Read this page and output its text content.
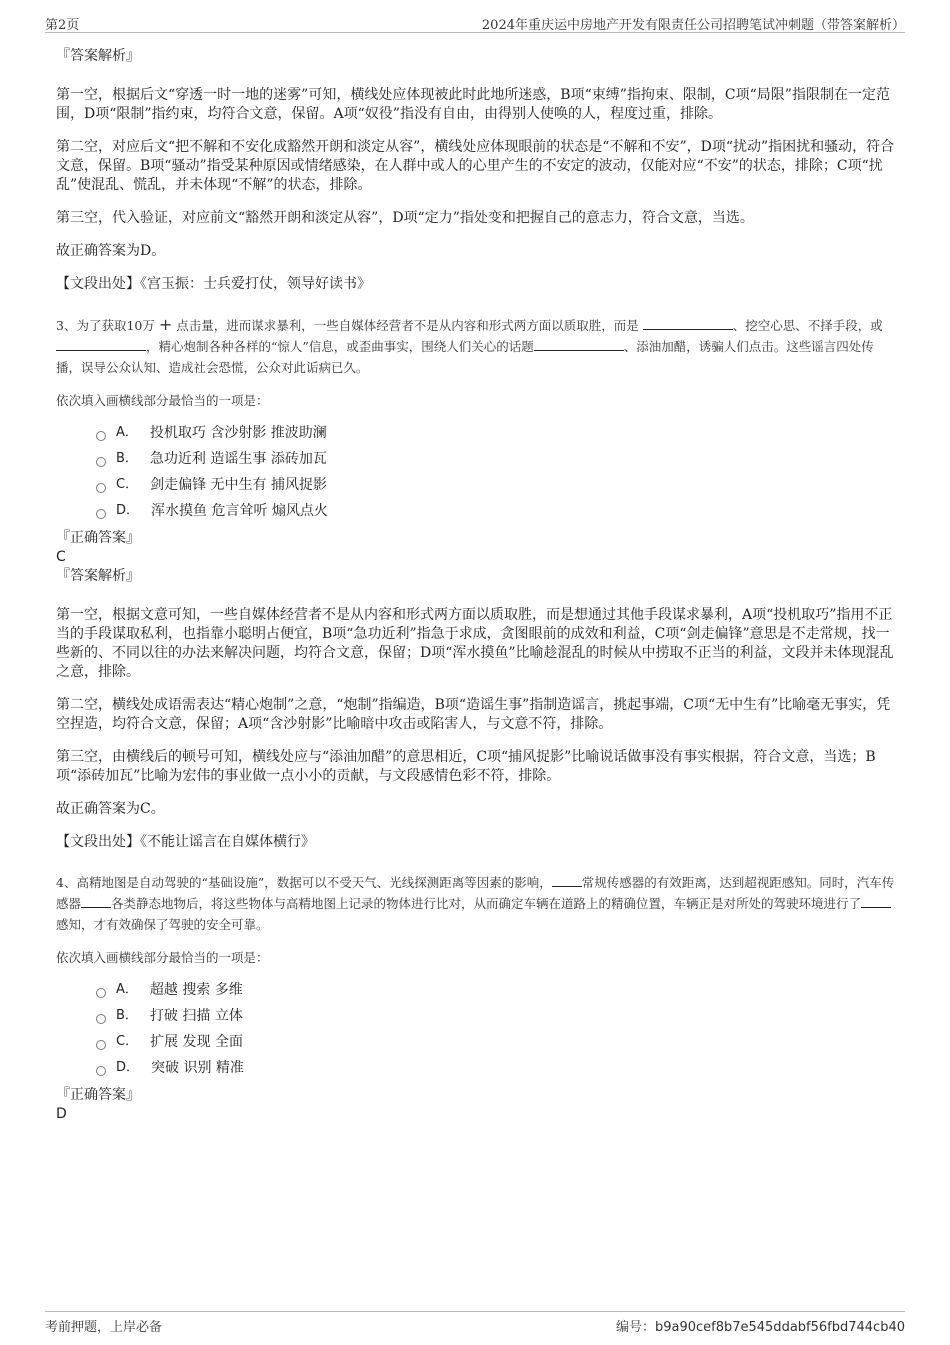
第2页	2024年重庆运中房地产开发有限责任公司招聘笔试冲刺题（带答案解析）

『答案解析』

第一空，根据后文“穿透一时一地的迷雾”可知，横线处应体现被此时此地所迷惑，B项“束缚”指拘束、限制，C项“局限”指限制在一定范围，D项“限制”指约束，均符合文意，保留。A项“奴役”指没有自由，由得别人使唤的人，程度过重，排除。

第二空，对应后文“把不解和不安化成豁然开朗和淡定从容”，横线处应体现眼前的状态是“不解和不安”，D项“扰动”指困扰和骚动，符合文意，保留。B项“骚动”指受某种原因或情绪感染，在人群中或人的心里产生的不安定的波动，仅能对应“不安”的状态，排除；C项“扰乱”使混乱、慌乱，并未体现“不解”的状态，排除。

第三空，代入验证，对应前文“豁然开朗和淡定从容”，D项“定力”指处变和把握自己的意志力，符合文意，当选。

故正确答案为D。

【文段出处】《宫玉振：士兵爱打仗，领导好读书》

3、为了获取10万 + 点击量，进而谋求暴利，一些自媒体经营者不是从内容和形式两方面以质取胜，而是	、挖空心思、不择手段，或，精心炮制各种各样的“惊人”信息，或歪曲事实，围绕人们关心的话题	、添油加醋，诱骗人们点击。这些谣言四处传播，误导公众认知、造成社会恐慌，公众对此诟病已久。

依次填入画横线部分最恰当的一项是：

A． 投机取巧 含沙射影 推波助澜
B． 急功近利 造谣生事 添砖加瓦
C． 剑走偏锋 无中生有 捕风捉影
D． 浑水摸鱼 危言耸听 煽风点火

『正确答案』

C

『答案解析』

第一空，根据文意可知，一些自媒体经营者不是从内容和形式两方面以质取胜，而是想通过其他手段谋求暴利，A项“投机取巧”指用不正当的手段谋取私利，也指靠小聪明占便宜，B项“急功近利”指急于求成，贪图眼前的成效和利益，C项“剑走偏锋”意思是不走常规，找一些新的、不同以往的办法来解决问题，均符合文意，保留；D项“浑水摸鱼”比喻趁混乱的时候从中捞取不正当的利益，文段并未体现混乱之意，排除。

第二空，横线处成语需表达“精心炮制”之意，“炮制”指编造，B项“造谣生事”指制造谣言，挑起事端，C项“无中生有”比喻毫无事实，凭空捏造，均符合文意，保留；A项“含沙射影”比喻暗中攻击或陷害人，与文意不符，排除。

第三空，由横线后的顿号可知，横线处应与“添油加醋”的意思相近，C项“捕风捉影”比喻说话做事没有事实根据，符合文意，当选；B项“添砖加瓦”比喻为宏伟的事业做一点小小的贡献，与文段感情色彩不符，排除。

故正确答案为C。

【文段出处】《不能让谣言在自媒体横行》

4、高精地图是自动驾驶的“基础设施”，数据可以不受天气、光线探测距离等因素的影响， 常规传感器的有效距离，达到超视距感知。同时，汽车传感器 各类静态地物后，将这些物体与高精地图上记录的物体进行比对，从而确定车辆在道路上的精确位置，车辆正是对所处的驾驶环境进行了感知，才有效确保了驾驶的安全可靠。

依次填入画横线部分最恰当的一项是：

A． 超越 搜索 多维
B． 打破 扫描 立体
C． 扩展 发现 全面
D． 突破 识别 精准

『正确答案』

D

考前押题，上岸必备	编号：b9a90cef8b7e545ddabf56fbd744cb40
